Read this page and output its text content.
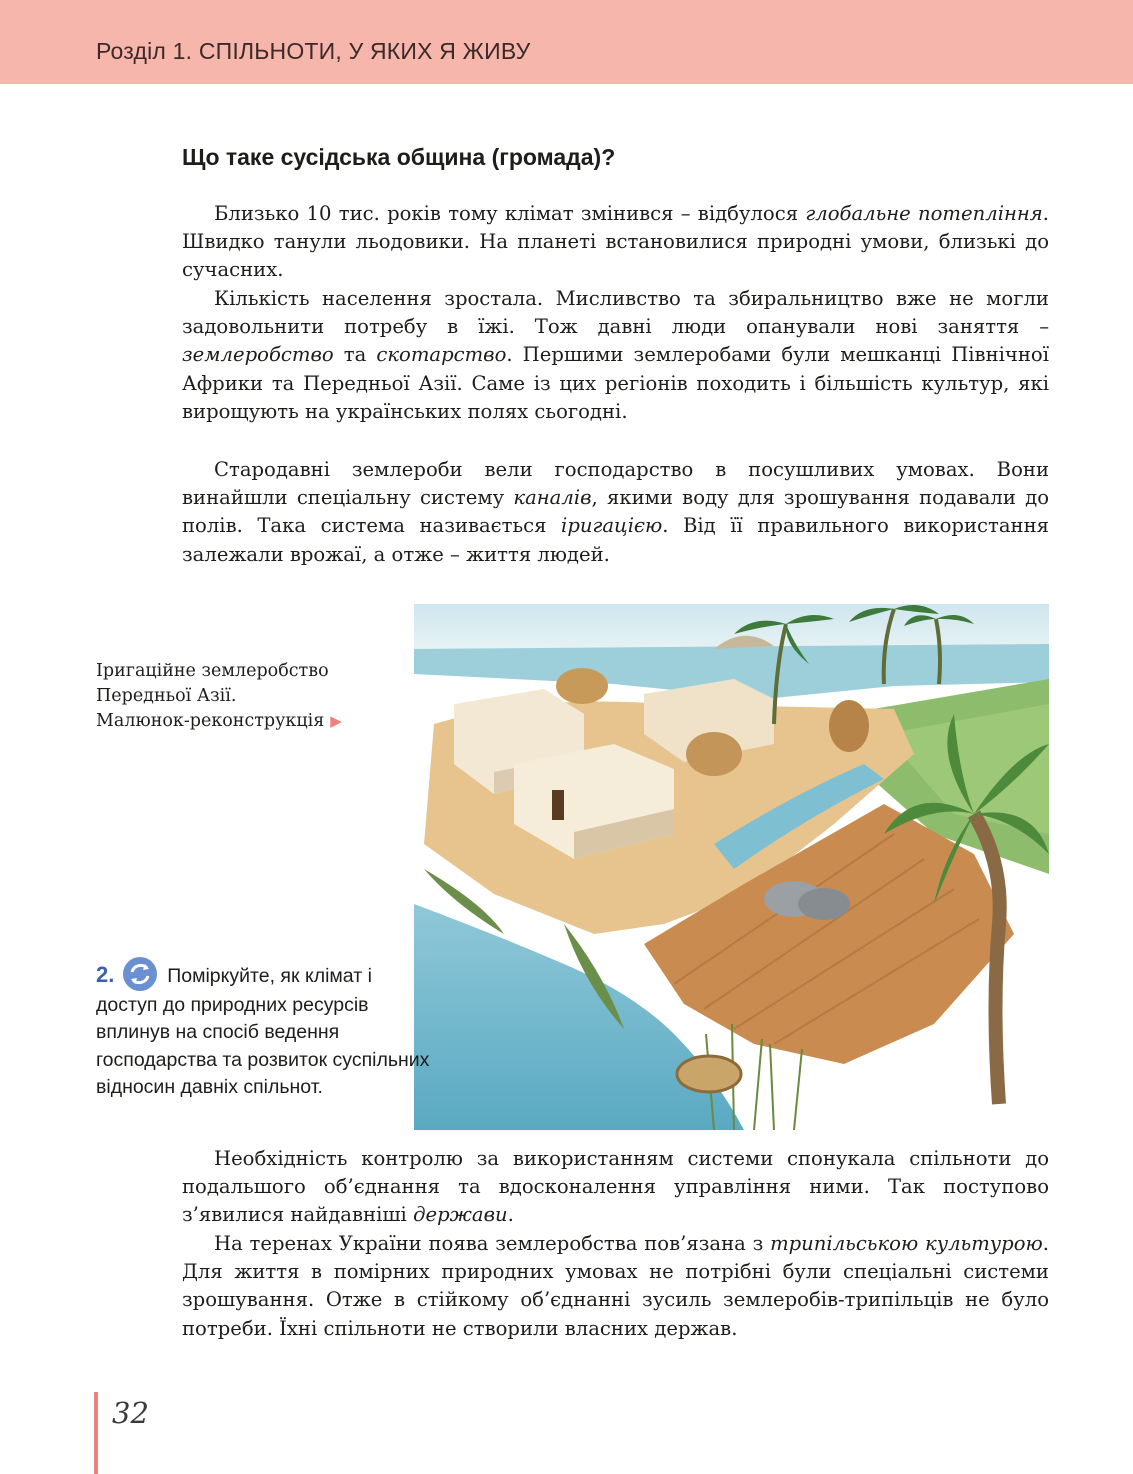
Розділ 1. СПІЛЬНОТИ, У ЯКИХ Я ЖИВУ
Що таке сусідська община (громада)?

Близько 10 тис. років тому клімат змінився – відбулося глобальне потепління. Швидко танули льодовики. На планеті встановилися природні умови, близькі до сучасних.

Кількість населення зростала. Мисливство та збиральництво вже не могли задовольнити потребу в їжі. Тож давні люди опанували нові заняття – землеробство та скотарство. Першими землеробами були мешканці Північної Африки та Передньої Азії. Саме із цих регіонів походить і більшість культур, які вирощують на українських полях сьогодні.

Стародавні землероби вели господарство в посушливих умовах. Вони винайшли спеціальну систему каналів, якими воду для зрошування подавали до полів. Така система називається іригацією. Від її правильного використання залежали врожаї, а отже – життя людей.

Іригаційне землеробство
Передньої Азії.
Малюнок-реконструкція ▶
2.	Поміркуйте, як клімат і доступ до природних ресурсів вплинув на спосіб ведення господарства та розвиток суспільних відносин давніх спільнот.

Необхідність контролю за використанням системи спонукала спільноти до подальшого об’єднання та вдосконалення управління ними. Так поступово з’явилися найдавніші держави.

На теренах України поява землеробства пов’язана з трипільською культурою. Для життя в помірних природних умовах не потрібні були спеціальні системи зрошування. Отже в стійкому об’єднанні зусиль землеробів-трипільців не було потреби. Їхні спільноти не створили власних держав.

32
